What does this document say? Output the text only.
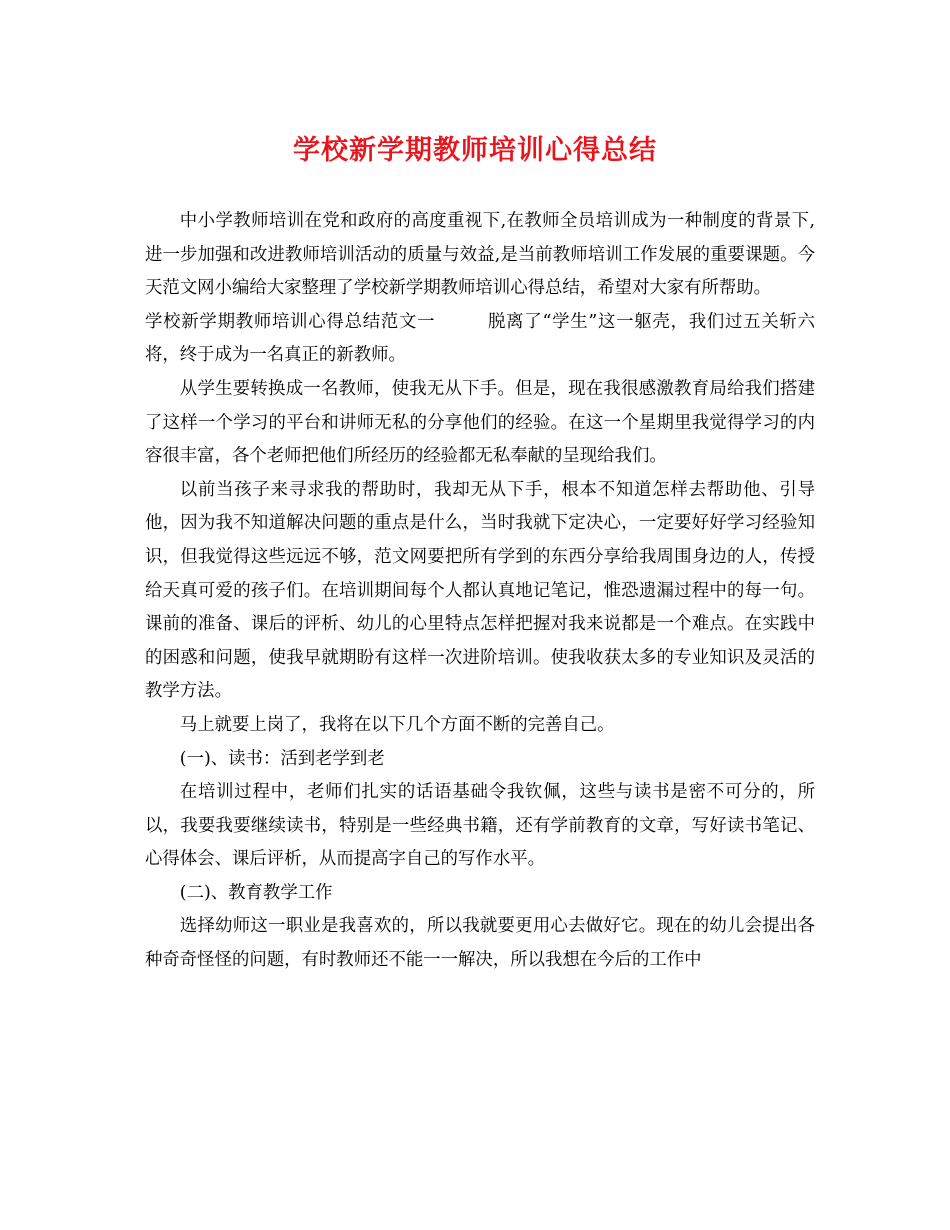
学校新学期教师培训心得总结

中小学教师培训在党和政府的高度重视下,在教师全员培训成为一种制度的背景下,进一步加强和改进教师培训活动的质量与效益,是当前教师培训工作发展的重要课题。今天范文网小编给大家整理了学校新学期教师培训心得总结，希望对大家有所帮助。

学校新学期教师培训心得总结范文一	脱离了“学生”这一躯壳，我们过五关斩六将，终于成为一名真正的新教师。

从学生要转换成一名教师，使我无从下手。但是，现在我很感激教育局给我们搭建了这样一个学习的平台和讲师无私的分享他们的经验。在这一个星期里我觉得学习的内容很丰富，各个老师把他们所经历的经验都无私奉献的呈现给我们。

以前当孩子来寻求我的帮助时，我却无从下手，根本不知道怎样去帮助他、引导他，因为我不知道解决问题的重点是什么，当时我就下定决心，一定要好好学习经验知识，但我觉得这些远远不够，范文网要把所有学到的东西分享给我周围身边的人，传授给天真可爱的孩子们。在培训期间每个人都认真地记笔记，惟恐遗漏过程中的每一句。课前的准备、课后的评析、幼儿的心里特点怎样把握对我来说都是一个难点。在实践中的困惑和问题，使我早就期盼有这样一次进阶培训。使我收获太多的专业知识及灵活的教学方法。

马上就要上岗了，我将在以下几个方面不断的完善自己。

(一)、读书：活到老学到老

在培训过程中，老师们扎实的话语基础令我钦佩，这些与读书是密不可分的，所以，我要我要继续读书，特别是一些经典书籍，还有学前教育的文章，写好读书笔记、心得体会、课后评析，从而提高字自己的写作水平。

(二)、教育教学工作

选择幼师这一职业是我喜欢的，所以我就要更用心去做好它。现在的幼儿会提出各种奇奇怪怪的问题，有时教师还不能一一解决，所以我想在今后的工作中
